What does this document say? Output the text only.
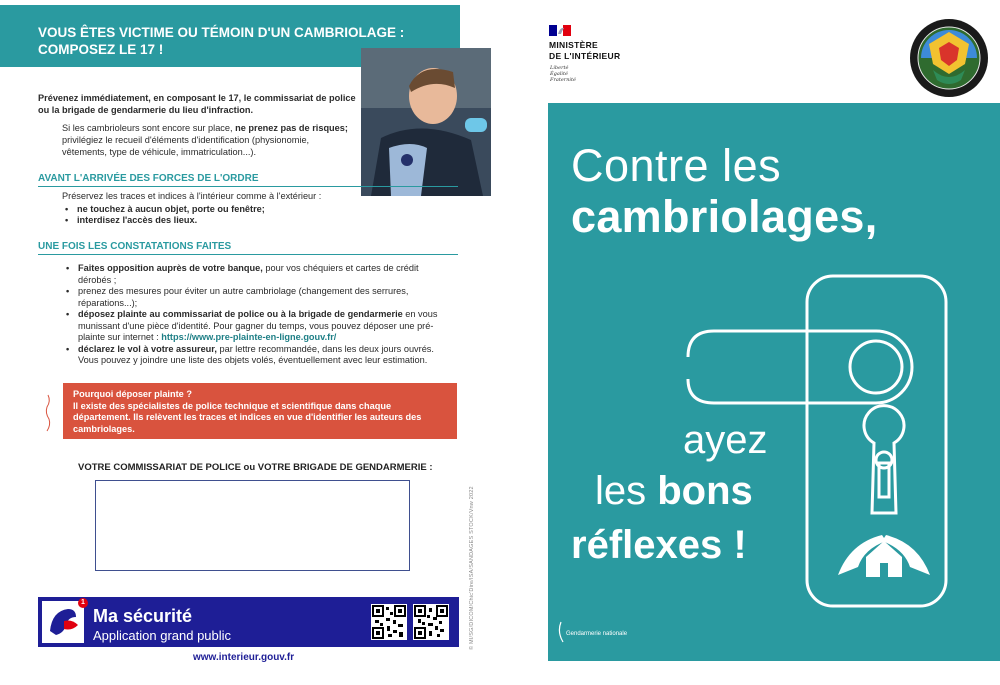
VOUS ÊTES VICTIME OU TÉMOIN D'UN CAMBRIOLAGE : COMPOSEZ LE 17 !

Prévenez immédiatement, en composant le 17, le commissariat de police ou la brigade de gendarmerie du lieu d'infraction.

Si les cambrioleurs sont encore sur place, ne prenez pas de risques; privilégiez le recueil d'éléments d'identification (physionomie, vêtements, type de véhicule, immatriculation...).

AVANT L'ARRIVÉE DES FORCES DE L'ORDRE
Préservez les traces et indices à l'intérieur comme à l'extérieur :
• ne touchez à aucun objet, porte ou fenêtre;
• interdisez l'accès des lieux.
UNE FOIS LES CONSTATATIONS FAITES
• Faites opposition auprès de votre banque, pour vos chéquiers et cartes de crédit dérobés ;
• prenez des mesures pour éviter un autre cambriolage (changement des serrures, réparations...);
• déposez plainte au commissariat de police ou à la brigade de gendarmerie en vous munissant d'une pièce d'identité. Pour gagner du temps, vous pouvez déposer une pré-plainte sur internet : https://www.pre-plainte-en-ligne.gouv.fr/
• déclarez le vol à votre assureur, par lettre recommandée, dans les deux jours ouvrés. Vous pouvez y joindre une liste des objets volés, éventuellement avec leur estimation.
Pourquoi déposer plainte ?
Il existe des spécialistes de police technique et scientifique dans chaque département. Ils relèvent les traces et indices en vue d'identifier les auteurs des cambriolages.
VOTRE COMMISSARIAT DE POLICE ou VOTRE BRIGADE DE GENDARMERIE :
© MI/SG/DICOM/Chic'Dire/ISA/SANDAGES STOCK/Vnw 2022
1
Ma sécurité
Application grand public
www.interieur.gouv.fr
MINISTÈRE
DE L'INTÉRIEUR
Liberté
Égalité
Fraternité
Contre les
cambriolages,
ayez
les bons
réflexes !
Gendarmerie nationale
